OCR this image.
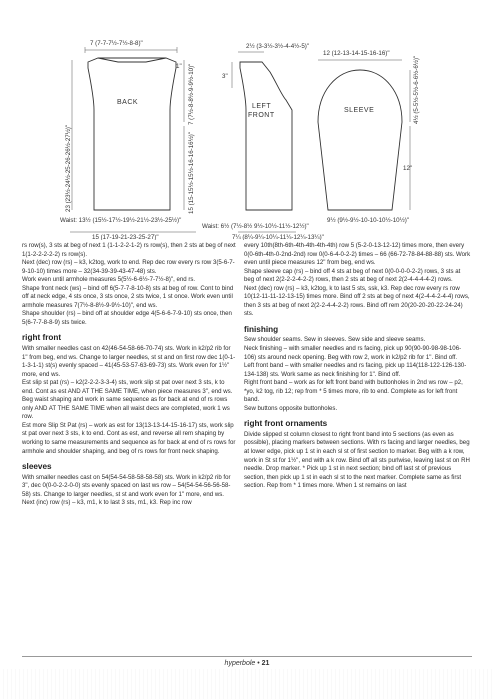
BACK
7 (7-7-7½-7½-8-8)"
1" 7 (7½-8-8½-9-9½-10)"
15 (15-15½-15½-16-16-16½)"
23 (23½-24½-25-26-26½-27½)"
Waist: 13½ (15½-17½-19½-21½-23½-25½)"
15 (17-19-21-23-25-27)"
LEFT
FRONT
2½ (3-3½-3½-4-4½-5)"
3"
Waist: 6½ (7½-8½ 9½-10½-11½-12½)"
7¼ (8¼-9¼-10¼-11¼-12¼-13¼)"
SLEEVE
12 (12-13-14-15-16-16)"
4½ (5-5½-5½-6-6½-6½)"
12"
9½ (9½-9½-10-10-10½-10½)"

rs row(s), 3 sts at beg of next 1 (1-1-2-2-1-2) rs row(s), then 2 sts at beg of next 1(1-2-2-2-2-2) rs row(s).

Next (dec) row (rs) – k3, k2tog, work to end. Rep dec row every rs row 3(5-6-7-9-10-10) times more – 32(34-39-39-43-47-48) sts.

Work even until armhole measures 5(5½-6-6½-7-7½-8)", end rs.

Shape front neck (ws) – bind off 6(5-7-7-8-10-8) sts at beg of row. Cont to bind off at neck edge, 4 sts once, 3 sts once, 2 sts twice, 1 st once. Work even until armhole measures 7(7½-8-8½-9-9½-10)", end ws.

Shape shoulder (rs) – bind off at shoulder edge 4(5-6-6-7-9-10) sts once, then 5(6-7-7-8-8-9) sts twice.

right front

With smaller needles cast on 42(46-54-58-66-70-74) sts. Work in k2/p2 rib for 1" from beg, end ws. Change to larger needles, st st and on first row dec 1(0-1-1-3-1-1) st(s) evenly spaced – 41(45-53-57-63-69-73) sts. Work even for 1½" more, end ws.

Est slip st pat (rs) – k2(2-2-2-3-3-4) sts, work slip st pat over next 3 sts, k to end. Cont as est AND AT THE SAME TIME, when piece measures 3", end ws.

Beg waist shaping and work in same sequence as for back at end of rs rows only AND AT THE SAME TIME when all waist decs are completed, work 1 ws row.

Est more Slip St Pat (rs) – work as est for 13(13-13-14-15-16-17) sts, work slip st pat over next 3 sts, k to end. Cont as est, and reverse all rem shaping by working to same measurements and sequence as for back at end of rs rows for armhole and shoulder shaping, and beg of rs rows for front neck shaping.

sleeves

With smaller needles cast on 54(54-54-58-58-58-58) sts. Work in k2/p2 rib for 3", dec 0(0-0-2-2-0-0) sts evenly spaced on last ws row – 54(54-54-56-56-58-58) sts. Change to larger needles, st st and work even for 1" more, end ws.

Next (inc) row (rs) – k3, m1, k to last 3 sts, m1, k3. Rep inc row

every 10th(8th-6th-4th-4th-4th-4th) row 5 (5-2-0-13-12-12) times more, then every 0(0-6th-4th-0-2nd-2nd) row 0(0-6-4-0-2-2) times – 66 (66-72-78-84-88-88) sts. Work even until piece measures 12" from beg, end ws.

Shape sleeve cap (rs) – bind off 4 sts at beg of next 0(0-0-0-0-2-2) rows, 3 sts at beg of next 2(2-2-2-4-2-2) rows, then 2 sts at beg of next 2(2-4-4-4-4-2) rows.

Next (dec) row (rs) – k3, k2tog, k to last 5 sts, ssk, k3. Rep dec row every rs row 10(12-11-11-12-13-15) times more. Bind off 2 sts at beg of next 4(2-4-4-2-4-4) rows, then 3 sts at beg of next 2(2-2-4-4-2-2) rows. Bind off rem 20(20-20-20-22-24-24) sts.

finishing

Sew shoulder seams. Sew in sleeves. Sew side and sleeve seams.

Neck finishing – with smaller needles and rs facing, pick up 90(90-90-98-98-106-106) sts around neck opening. Beg with row 2, work in k2/p2 rib for 1". Bind off.

Left front band – with smaller needles and rs facing, pick up 114(118-122-126-130-134-138) sts. Work same as neck finishing for 1". Bind off.

Right front band – work as for left front band with buttonholes in 2nd ws row – p2, *yo, k2 tog, rib 12; rep from * 5 times more, rib to end. Complete as for left front band.

Sew buttons opposite buttonholes.

right front ornaments

Divide slipped st column closest to right front band into 5 sections (as even as possible), placing markers between sections. With rs facing and larger needles, beg at lower edge, pick up 1 st in each sl st of first section to marker. Beg with a k row, work in St st for 1½", end with a k row. Bind off all sts purlwise, leaving last st on RH needle. Drop marker. * Pick up 1 st in next section; bind off last st of previous section, then pick up 1 st in each sl st to the next marker. Complete same as first section. Rep from * 1 times more. When 1 st remains on last

hyperbole • 21
